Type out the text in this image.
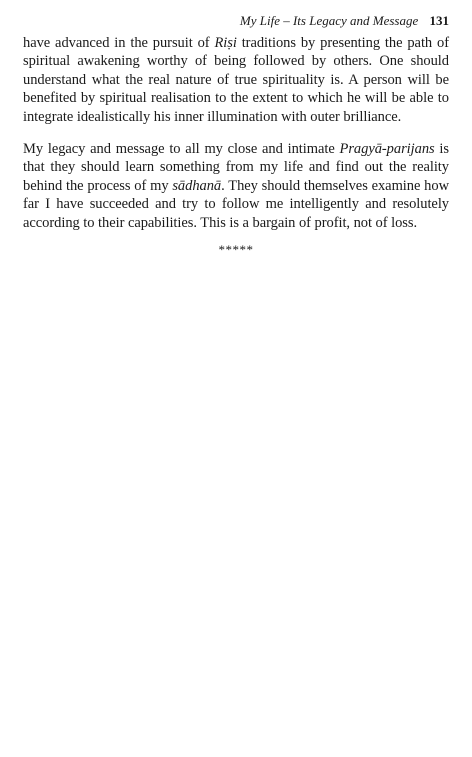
My Life – Its Legacy and Message 131

have advanced in the pursuit of Riṣi traditions by presenting the path of spiritual awakening worthy of being followed by others. One should understand what the real nature of true spirituality is. A person will be benefited by spiritual realisation to the extent to which he will be able to integrate idealistically his inner illumination with outer brilliance.

My legacy and message to all my close and intimate Pragyā-parijans is that they should learn something from my life and find out the reality behind the process of my sādhanā. They should themselves examine how far I have succeeded and try to follow me intelligently and resolutely according to their capabilities. This is a bargain of profit, not of loss.

*****
